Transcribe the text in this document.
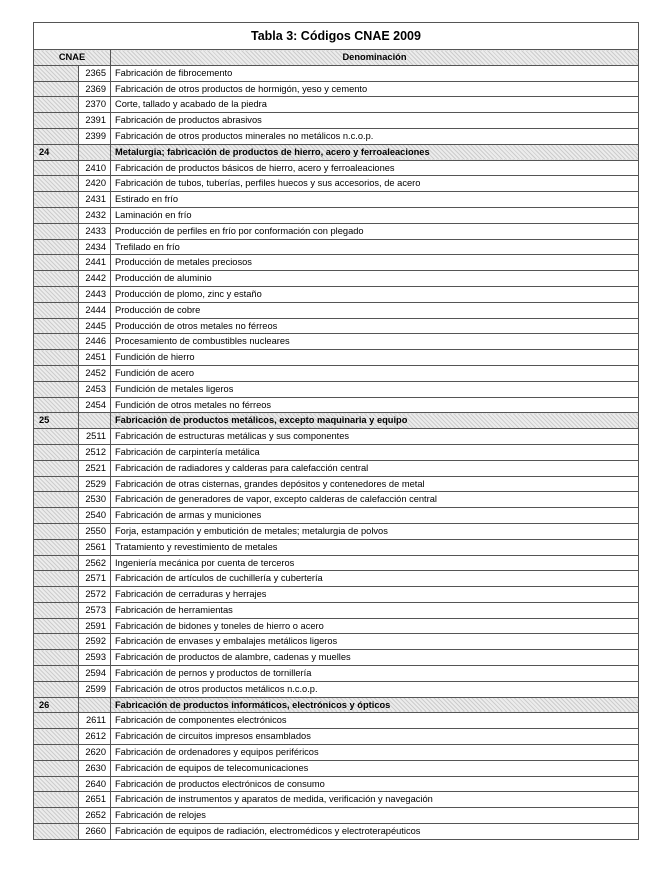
Tabla 3: Códigos CNAE 2009		
CNAE		Denominación
	2365	Fabricación de fibrocemento
	2369	Fabricación de otros productos de hormigón, yeso y cemento
	2370	Corte, tallado y acabado de la piedra
	2391	Fabricación de productos abrasivos
	2399	Fabricación de otros productos minerales no metálicos n.c.o.p.
24		Metalurgia; fabricación de productos de hierro, acero y ferroaleaciones
	2410	Fabricación de productos básicos de hierro, acero y ferroaleaciones
	2420	Fabricación de tubos, tuberías, perfiles huecos y sus accesorios, de acero
	2431	Estirado en frío
	2432	Laminación en frío
	2433	Producción de perfiles en frío por conformación con plegado
	2434	Trefilado en frío
	2441	Producción de metales preciosos
	2442	Producción de aluminio
	2443	Producción de plomo, zinc y estaño
	2444	Producción de cobre
	2445	Producción de otros metales no férreos
	2446	Procesamiento de combustibles nucleares
	2451	Fundición de hierro
	2452	Fundición de acero
	2453	Fundición de metales ligeros
	2454	Fundición de otros metales no férreos
25		Fabricación de productos metálicos, excepto maquinaria y equipo
	2511	Fabricación de estructuras metálicas y sus componentes
	2512	Fabricación de carpintería metálica
	2521	Fabricación de radiadores y calderas para calefacción central
	2529	Fabricación de otras cisternas, grandes depósitos y contenedores de metal
	2530	Fabricación de generadores de vapor, excepto calderas de calefacción central
	2540	Fabricación de armas y municiones
	2550	Forja, estampación y embutición de metales; metalurgia de polvos
	2561	Tratamiento y revestimiento de metales
	2562	Ingeniería mecánica por cuenta de terceros
	2571	Fabricación de artículos de cuchillería y cubertería
	2572	Fabricación de cerraduras y herrajes
	2573	Fabricación de herramientas
	2591	Fabricación de bidones y toneles de hierro o acero
	2592	Fabricación de envases y embalajes metálicos ligeros
	2593	Fabricación de productos de alambre, cadenas y muelles
	2594	Fabricación de pernos y productos de tornillería
	2599	Fabricación de otros productos metálicos n.c.o.p.
26		Fabricación de productos informáticos, electrónicos y ópticos
	2611	Fabricación de componentes electrónicos
	2612	Fabricación de circuitos impresos ensamblados
	2620	Fabricación de ordenadores y equipos periféricos
	2630	Fabricación de equipos de telecomunicaciones
	2640	Fabricación de productos electrónicos de consumo
	2651	Fabricación de instrumentos y aparatos de medida, verificación y navegación
	2652	Fabricación de relojes
	2660	Fabricación de equipos de radiación, electromédicos y electroterapéuticos
